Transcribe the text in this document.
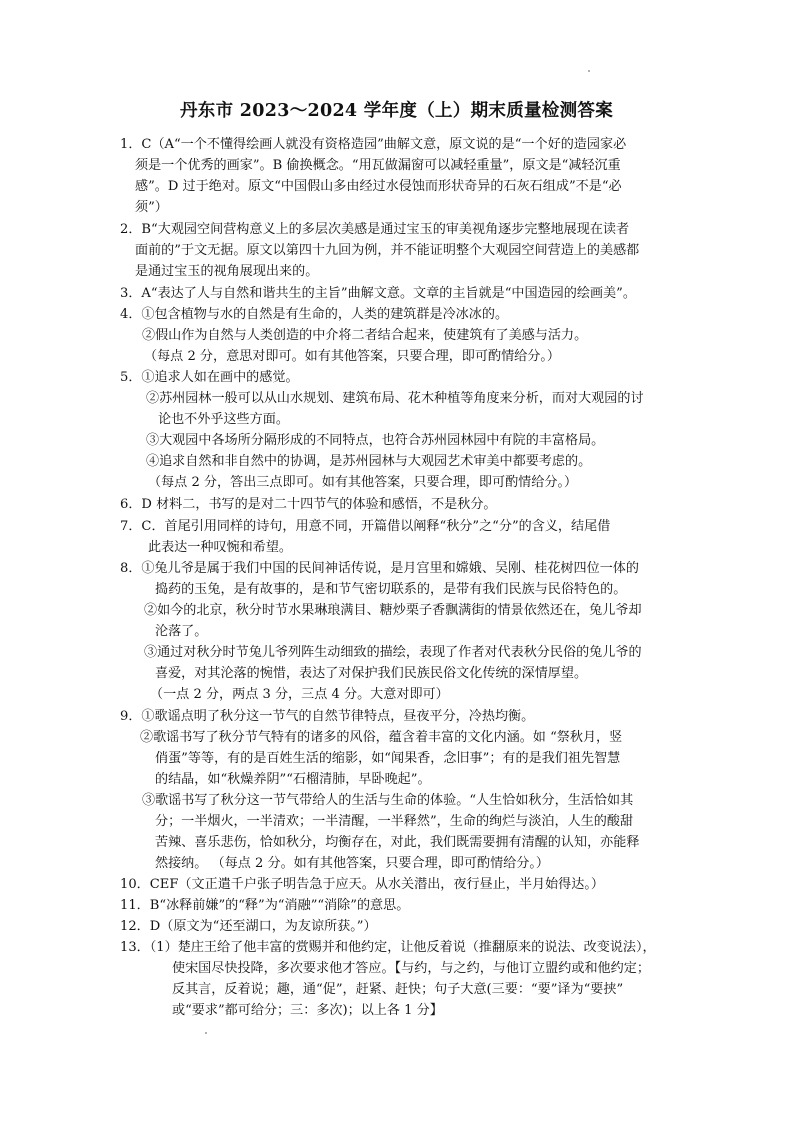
丹东市 2023～2024 学年度（上）期末质量检测答案
1．C（A“一个不懂得绘画人就没有资格造园”曲解文意，原文说的是“一个好的造园家必
须是一个优秀的画家”。B 偷换概念。“用瓦做漏窗可以减轻重量”，原文是“减轻沉重
感”。D 过于绝对。原文“中国假山多由经过水侵蚀而形状奇异的石灰石组成”不是“必
须”）
2．B“大观园空间营构意义上的多层次美感是通过宝玉的审美视角逐步完整地展现在读者
面前的”于文无据。原文以第四十九回为例，并不能证明整个大观园空间营造上的美感都
是通过宝玉的视角展现出来的。
3．A“表达了人与自然和谐共生的主旨”曲解文意。文章的主旨就是“中国造园的绘画美”。
4．①包含植物与水的自然是有生命的，人类的建筑群是冷冰冰的。
②假山作为自然与人类创造的中介将二者结合起来，使建筑有了美感与活力。
（每点 2 分，意思对即可。如有其他答案，只要合理，即可酌情给分。）
5．①追求人如在画中的感觉。
②苏州园林一般可以从山水规划、建筑布局、花木种植等角度来分析，而对大观园的讨
论也不外乎这些方面。
③大观园中各场所分隔形成的不同特点，也符合苏州园林园中有院的丰富格局。
④追求自然和非自然中的协调，是苏州园林与大观园艺术审美中都要考虑的。
（每点 2 分，答出三点即可。如有其他答案，只要合理，即可酌情给分。）
6．D 材料二，书写的是对二十四节气的体验和感悟，不是秋分。
7．C．首尾引用同样的诗句，用意不同，开篇借以阐释“秋分”之“分”的含义，结尾借
此表达一种叹惋和希望。
8．①兔儿爷是属于我们中国的民间神话传说，是月宫里和嫦娥、吴刚、桂花树四位一体的
捣药的玉兔，是有故事的，是和节气密切联系的，是带有我们民族与民俗特色的。
②如今的北京，秋分时节水果琳琅满目、糖炒栗子香飘满街的情景依然还在，兔儿爷却
沦落了。
③通过对秋分时节兔儿爷列阵生动细致的描绘，表现了作者对代表秋分民俗的兔儿爷的
喜爱，对其沦落的惋惜，表达了对保护我们民族民俗文化传统的深情厚望。
（一点 2 分，两点 3 分，三点 4 分。大意对即可）
9．①歌谣点明了秋分这一节气的自然节律特点，昼夜平分，冷热均衡。
②歌谣书写了秋分节气特有的诸多的风俗，蕴含着丰富的文化内涵。如 “祭秋月，竖
俏蛋”等等，有的是百姓生活的缩影，如“闻果香，念旧事”；有的是我们祖先智慧
的结晶，如“秋燥养阴”“石榴清肺，早卧晚起”。
③歌谣书写了秋分这一节气带给人的生活与生命的体验。“人生恰如秋分，生活恰如其
分；一半烟火，一半清欢；一半清醒，一半释然”，生命的绚烂与淡泊，人生的酸甜
苦辣、喜乐悲伤，恰如秋分，均衡存在，对此，我们既需要拥有清醒的认知，亦能释
然接纳。 （每点 2 分。如有其他答案，只要合理，即可酌情给分。）
10．CEF（文正遣千户张子明告急于应天。从水关潜出，夜行昼止，半月始得达。）
11．B“冰释前嫌”的“释”为“消融”“消除”的意思。
12．D（原文为“还至湖口，为友谅所获。”）
13．（1）楚庄王给了他丰富的赏赐并和他约定，让他反着说（推翻原来的说法、改变说法），
使宋国尽快投降，多次要求他才答应。【与约，与之约，与他订立盟约或和他约定；
反其言，反着说；趣，通“促”，赶紧、赶快；句子大意(三要：“要”译为“要挟”
或“要求”都可给分；三：多次)；以上各 1 分】
